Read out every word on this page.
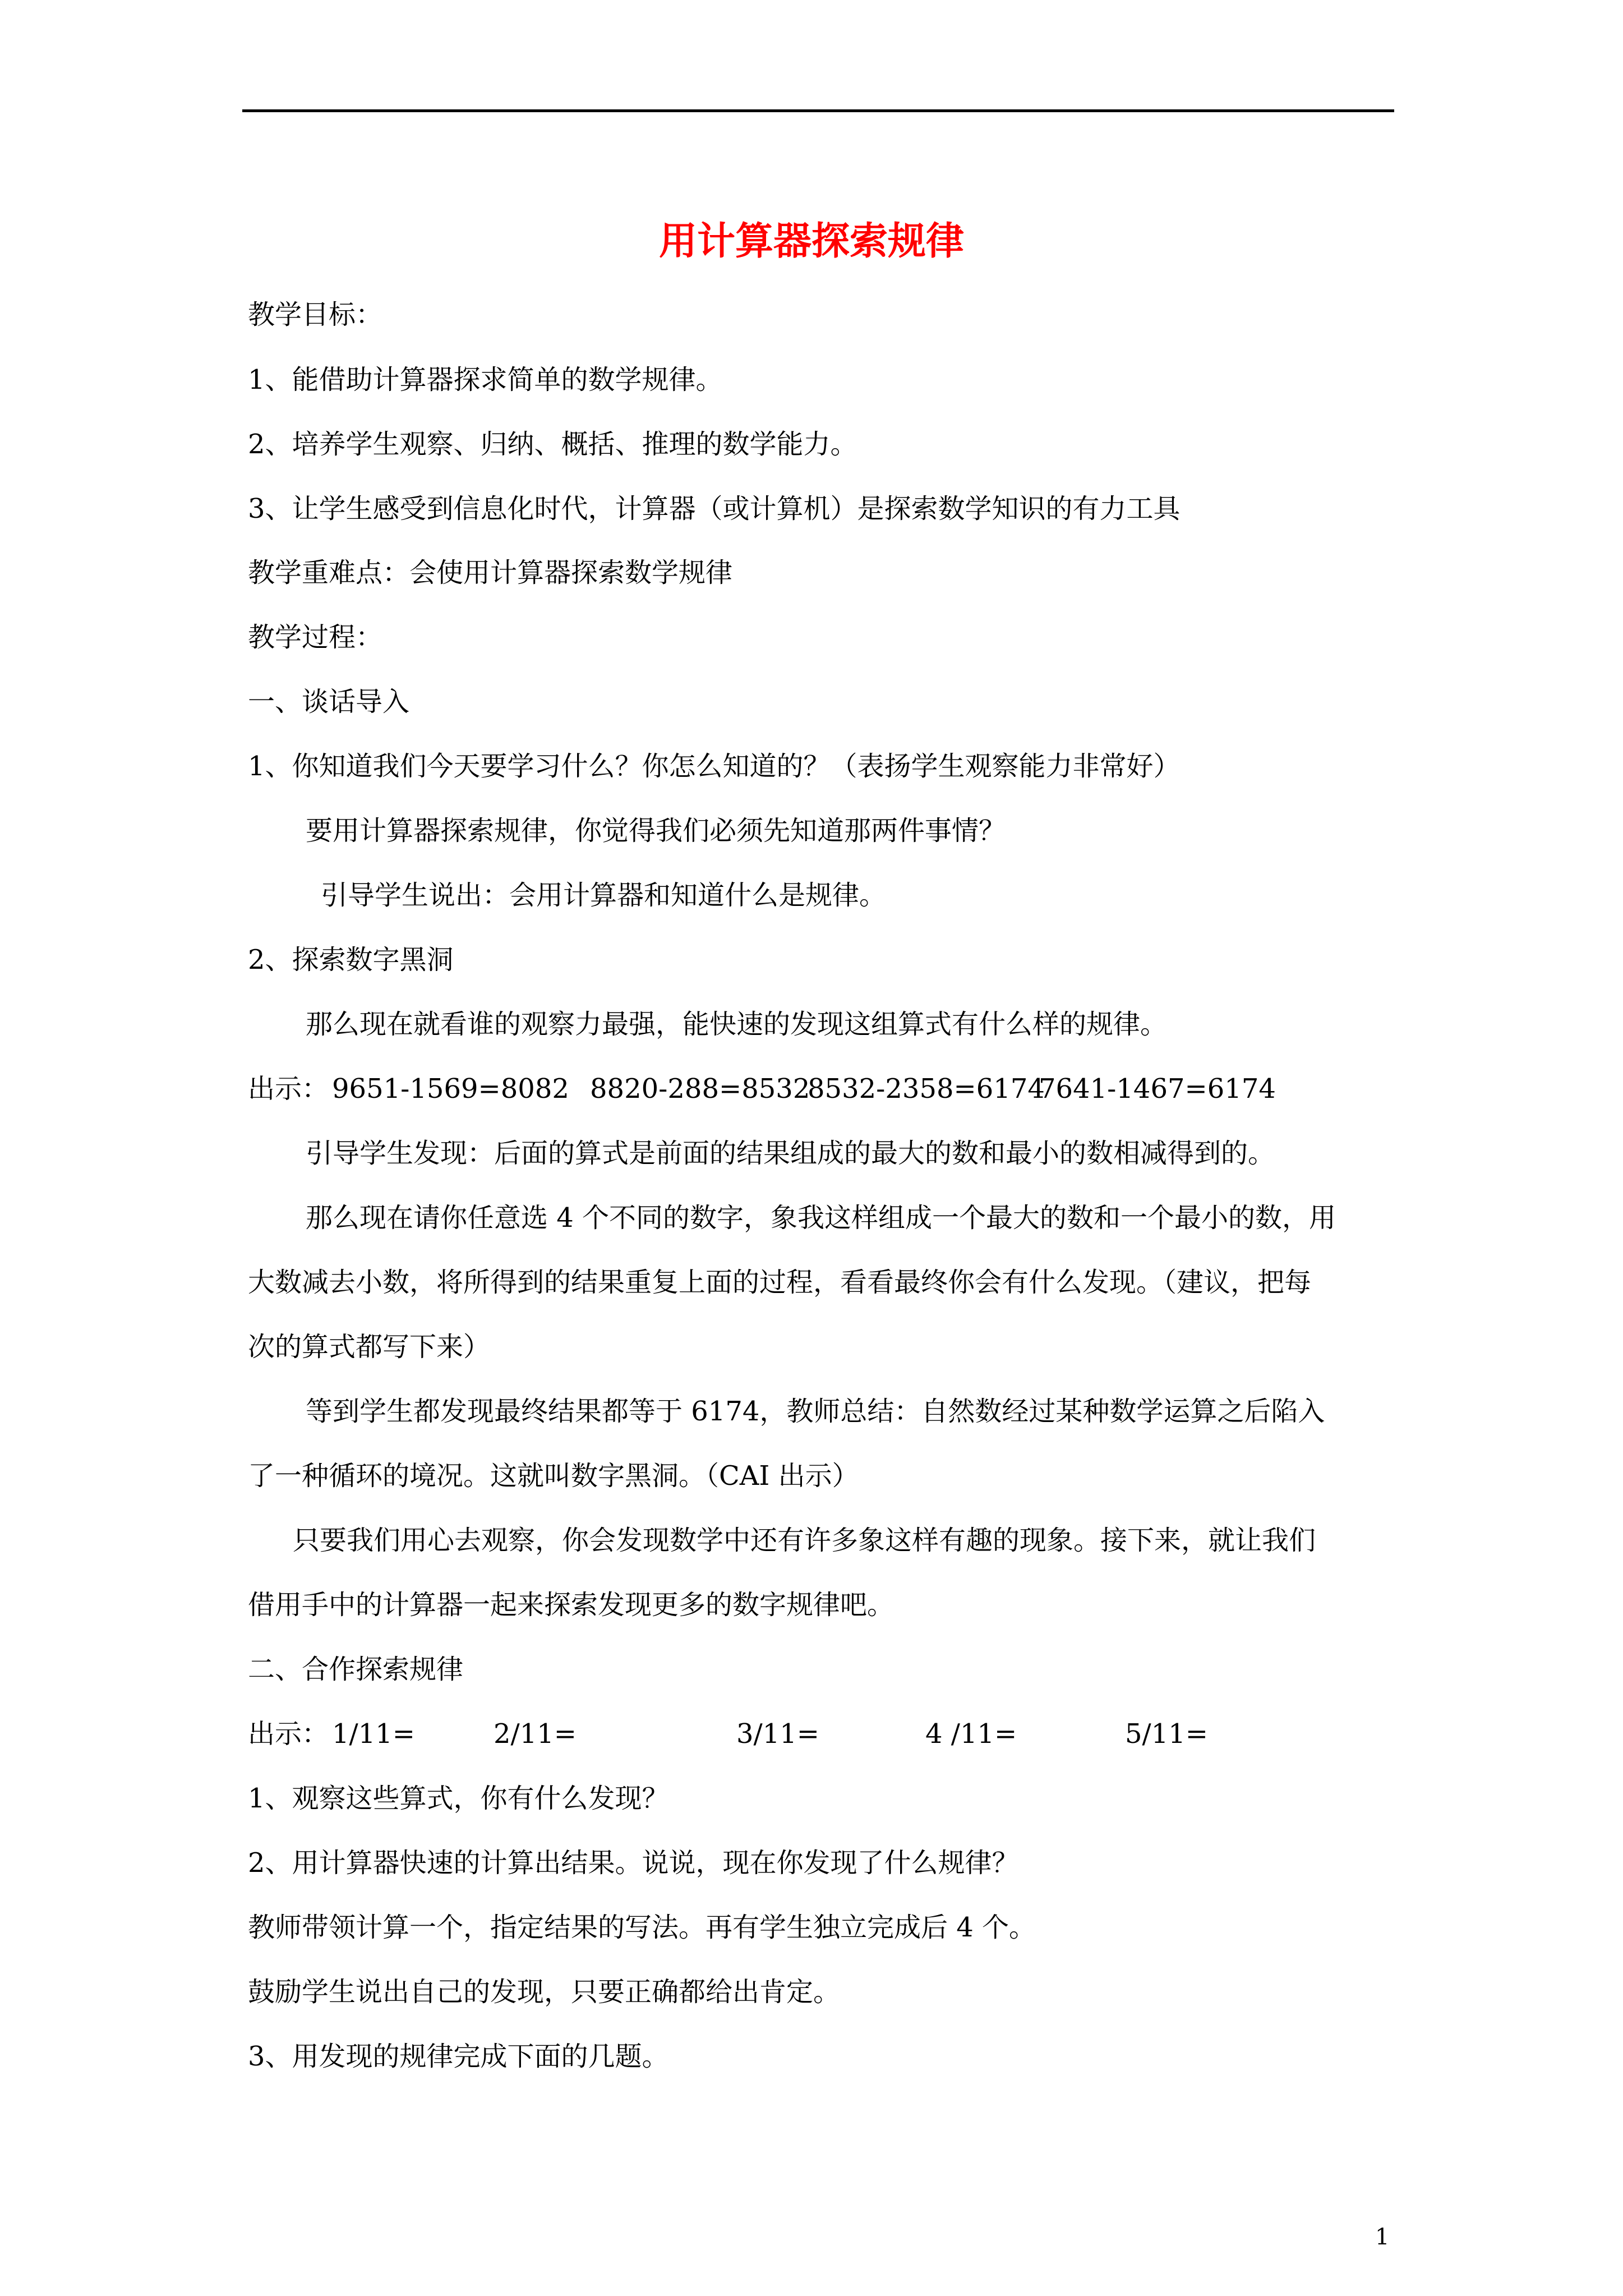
用计算器探索规律
教学目标：
1、能借助计算器探求简单的数学规律。
2、培养学生观察、归纳、概括、推理的数学能力。
3、让学生感受到信息化时代，计算器（或计算机）是探索数学知识的有力工具
教学重难点：会使用计算器探索数学规律
教学过程：
一、谈话导入
1、你知道我们今天要学习什么？你怎么知道的？（表扬学生观察能力非常好）
要用计算器探索规律，你觉得我们必须先知道那两件事情？
引导学生说出：会用计算器和知道什么是规律。
2、探索数字黑洞
那么现在就看谁的观察力最强，能快速的发现这组算式有什么样的规律。
出示： 9651-1569=8082 8820-288=8532
8532-2358=6174
7641-1467=6174
引导学生发现：后面的算式是前面的结果组成的最大的数和最小的数相减得到的。
那么现在请你任意选 4 个不同的数字，象我这样组成一个最大的数和一个最小的数，用
大数减去小数，将所得到的结果重复上面的过程，看看最终你会有什么发现。（建议，把每
次的算式都写下来）
等到学生都发现最终结果都等于 6174，教师总结：自然数经过某种数学运算之后陷入
了一种循环的境况。这就叫数字黑洞。（CAI 出示）
只要我们用心去观察，你会发现数学中还有许多象这样有趣的现象。接下来，就让我们
借用手中的计算器一起来探索发现更多的数字规律吧。
二、合作探索规律
出示： 1/11=	2/11=	3/11=	4 /11=	5/11=
1、观察这些算式，你有什么发现？
2、用计算器快速的计算出结果。说说，现在你发现了什么规律？
教师带领计算一个，指定结果的写法。再有学生独立完成后 4 个。
鼓励学生说出自己的发现，只要正确都给出肯定。
3、用发现的规律完成下面的几题。
1
